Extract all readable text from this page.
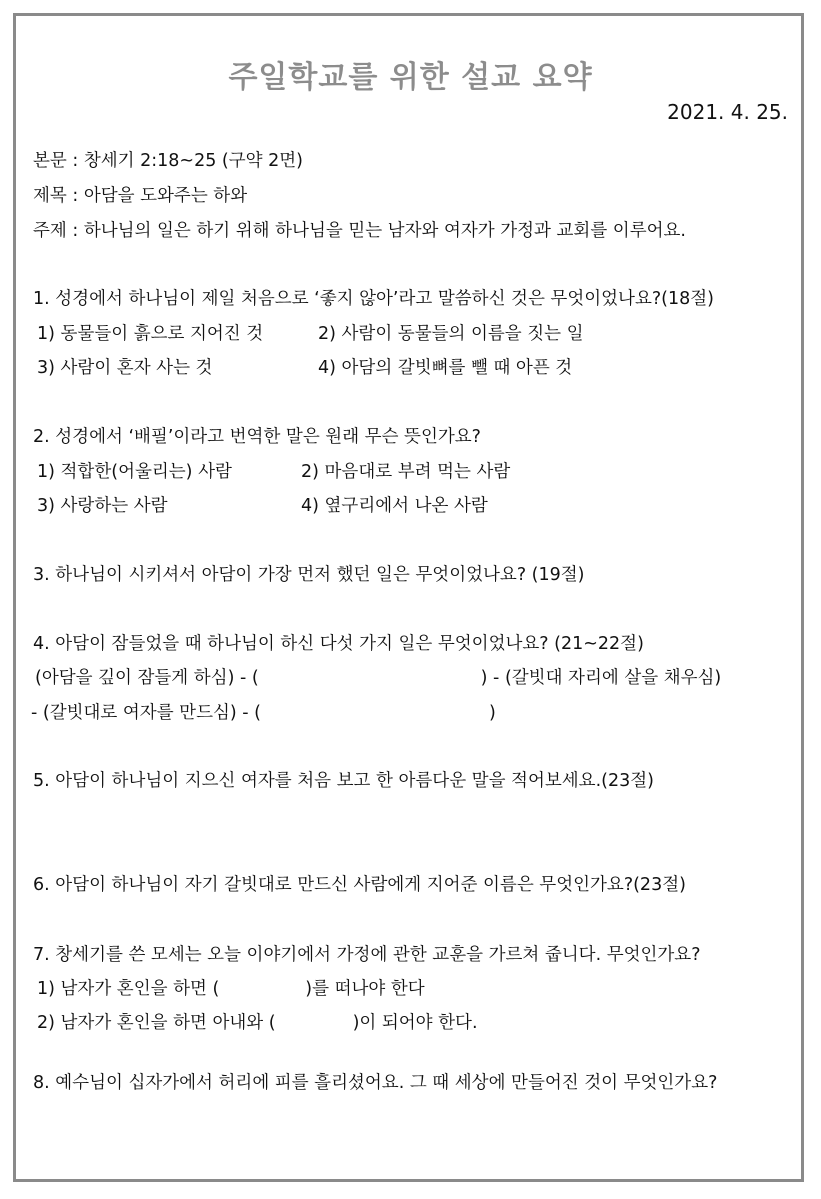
주일학교를 위한 설교 요약
2021. 4. 25.
본문 : 창세기 2:18~25 (구약 2면)
제목 : 아담을 도와주는 하와
주제 : 하나님의 일은 하기 위해 하나님을 믿는 남자와 여자가 가정과 교회를 이루어요.
1. 성경에서 하나님이 제일 처음으로 ‘좋지 않아’라고 말씀하신 것은 무엇이었나요?(18절)
1) 동물들이 흙으로 지어진 것	2) 사람이 동물들의 이름을 짓는 일
3) 사람이 혼자 사는 것	4) 아담의 갈빗뼈를 뺄 때 아픈 것
2. 성경에서 ‘배필’이라고 번역한 말은 원래 무슨 뜻인가요?
1) 적합한(어울리는) 사람	2) 마음대로 부려 먹는 사람
3) 사랑하는 사람	4) 옆구리에서 나온 사람
3. 하나님이 시키셔서 아담이 가장 먼저 했던 일은 무엇이었나요? (19절)
4. 아담이 잠들었을 때 하나님이 하신 다섯 가지 일은 무엇이었나요? (21~22절)
(아담을 깊이 잠들게 하심) - (	) - (갈빗대 자리에 살을 채우심)
- (갈빗대로 여자를 만드심) - (	)
5. 아담이 하나님이 지으신 여자를 처음 보고 한 아름다운 말을 적어보세요.(23절)
6. 아담이 하나님이 자기 갈빗대로 만드신 사람에게 지어준 이름은 무엇인가요?(23절)
7. 창세기를 쓴 모세는 오늘 이야기에서 가정에 관한 교훈을 가르쳐 줍니다. 무엇인가요?
1) 남자가 혼인을 하면 (	)를 떠나야 한다
2) 남자가 혼인을 하면 아내와 (	)이 되어야 한다.
8. 예수님이 십자가에서 허리에 피를 흘리셨어요. 그 때 세상에 만들어진 것이 무엇인가요?
